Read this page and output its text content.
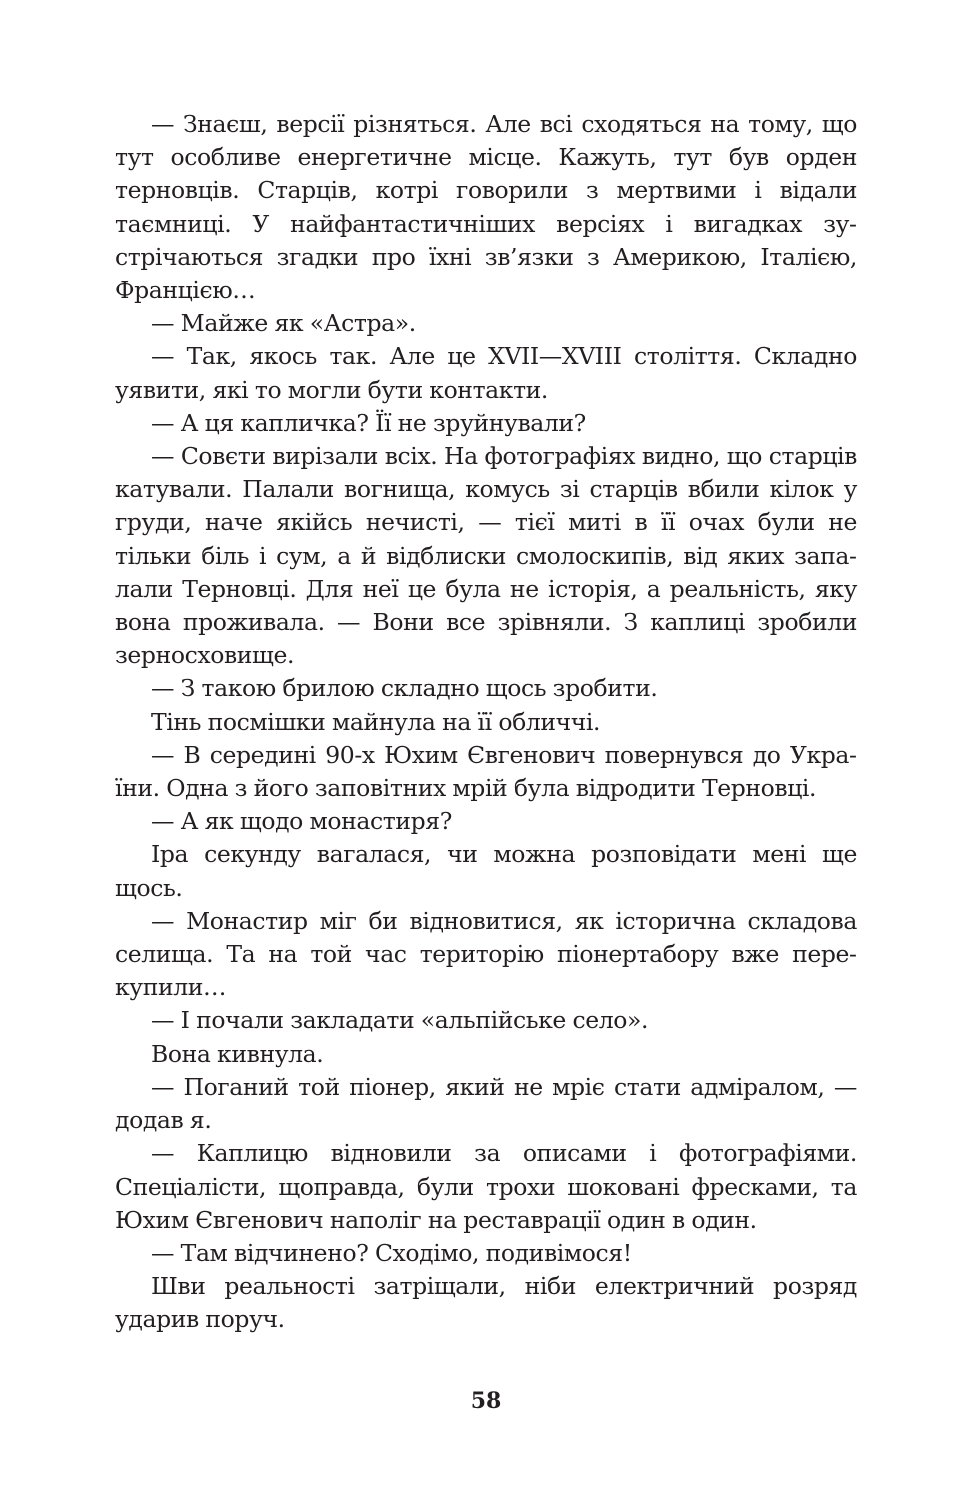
— Знаєш, версії різняться. Але всі сходяться на тому, що тут особливе енергетичне місце. Кажуть, тут був орден терновців. Старців, котрі говорили з мертвими і відали таємниці. У найфантастичніших версіях і вигадках зустрічаються згадки про їхні зв’язки з Америкою, Італією, Францією…

— Майже як «Астра».

— Так, якось так. Але це XVII—XVIII століття. Складно уявити, які то могли бути контакти.

— А ця капличка? Її не зруйнували?

— Совєти вирізали всіх. На фотографіях видно, що старців катували. Палали вогнища, комусь зі старців вбили кілок у груди, наче якійсь нечисті, — тієї миті в її очах були не тільки біль і сум, а й відблиски смолоскипів, від яких запалали Терновці. Для неї це була не історія, а реальність, яку вона проживала. — Вони все зрівняли. З каплиці зробили зерносховище.

— З такою брилою складно щось зробити.

Тінь посмішки майнула на її обличчі.

— В середині 90-х Юхим Євгенович повернувся до України. Одна з його заповітних мрій була відродити Терновці.

— А як щодо монастиря?

Іра секунду вагалася, чи можна розповідати мені ще щось.

— Монастир міг би відновитися, як історична складова селища. Та на той час територію піонертабору вже перекупили…

— І почали закладати «альпійське село».

Вона кивнула.

— Поганий той піонер, який не мріє стати адміралом, — додав я.

— Каплицю відновили за описами і фотографіями. Спеціалісти, щоправда, були трохи шоковані фресками, та Юхим Євгенович наполіг на реставрації один в один.

— Там відчинено? Сходімо, подивімося!

Шви реальності затріщали, ніби електричний розряд ударив поруч.

58
